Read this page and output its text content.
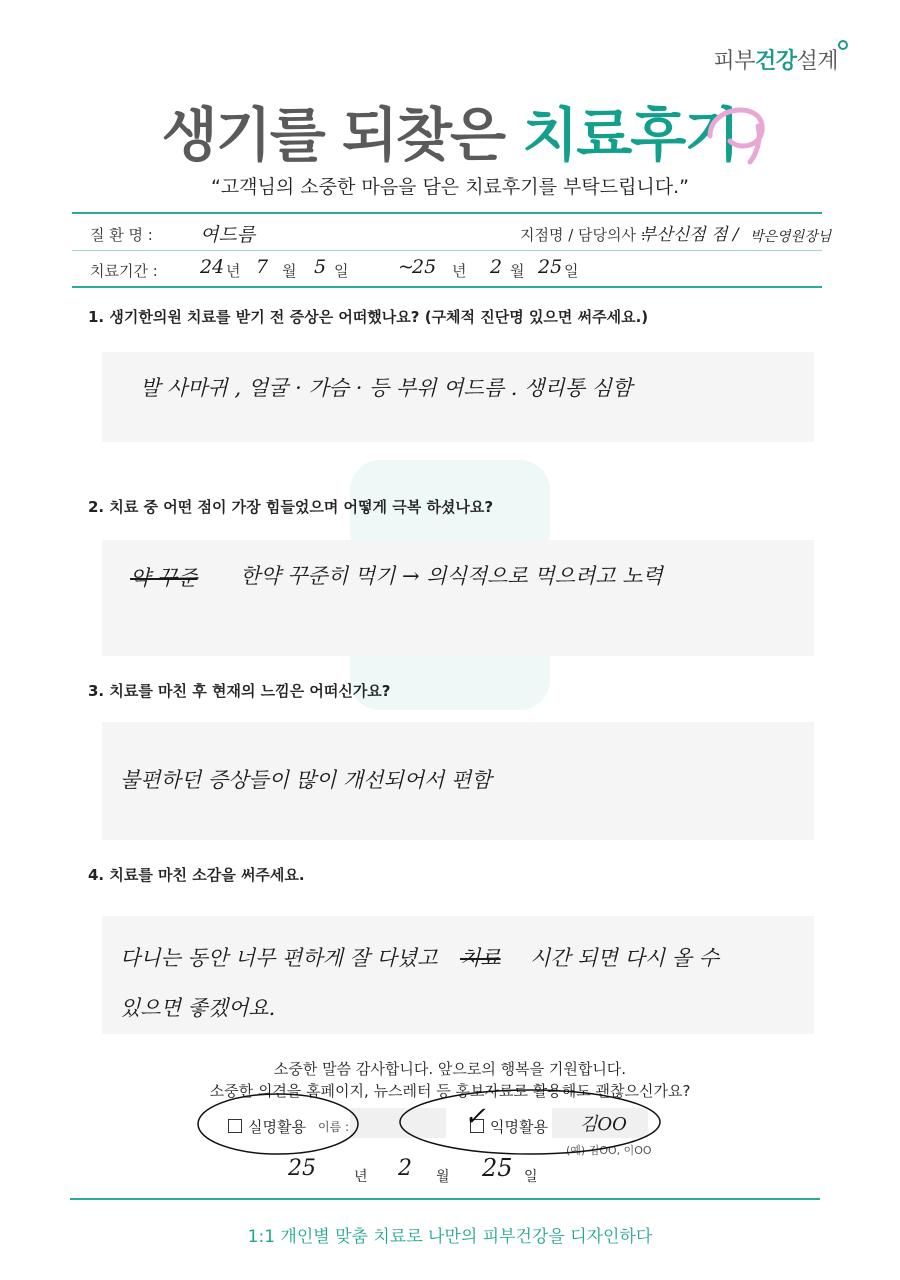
피부건강설계
생기를 되찾은 치료후기
“고객님의 소중한 마음을 담은 치료후기를 부탁드립니다.”
질 환 명 : 여드름	지점명 / 담당의사 :
부산신점 점 / 박은영원장님
치료기간 : 24 년 7 월 5 일	~
25 년 2 월 25 일
1. 생기한의원 치료를 받기 전 증상은 어떠했나요? (구체적 진단명 있으면 써주세요.)
발 사마귀 , 얼굴 · 가슴 · 등 부위 여드름 . 생리통 심함
2. 치료 중 어떤 점이 가장 힘들었으며 어떻게 극복 하셨나요?
약 꾸준 한약 꾸준히 먹기 → 의식적으로 먹으려고 노력
3. 치료를 마친 후 현재의 느낌은 어떠신가요?
불편하던 증상들이 많이 개선되어서 편함
4. 치료를 마친 소감을 써주세요.
다니는 동안 너무 편하게 잘 다녔고 치료 시간 되면 다시 올 수
있으면 좋겠어요.
소중한 말씀 감사합니다. 앞으로의 행복을 기원합니다.
소중한 의견을 홈페이지, 뉴스레터 등 홍보자료로 활용해도 괜찮으신가요?
실명활용 이름 :	익명활용
✓	김OO
(예) 김OO, 이OO
25	년 2 월 25 일
1:1 개인별 맞춤 치료로 나만의 피부건강을 디자인하다
